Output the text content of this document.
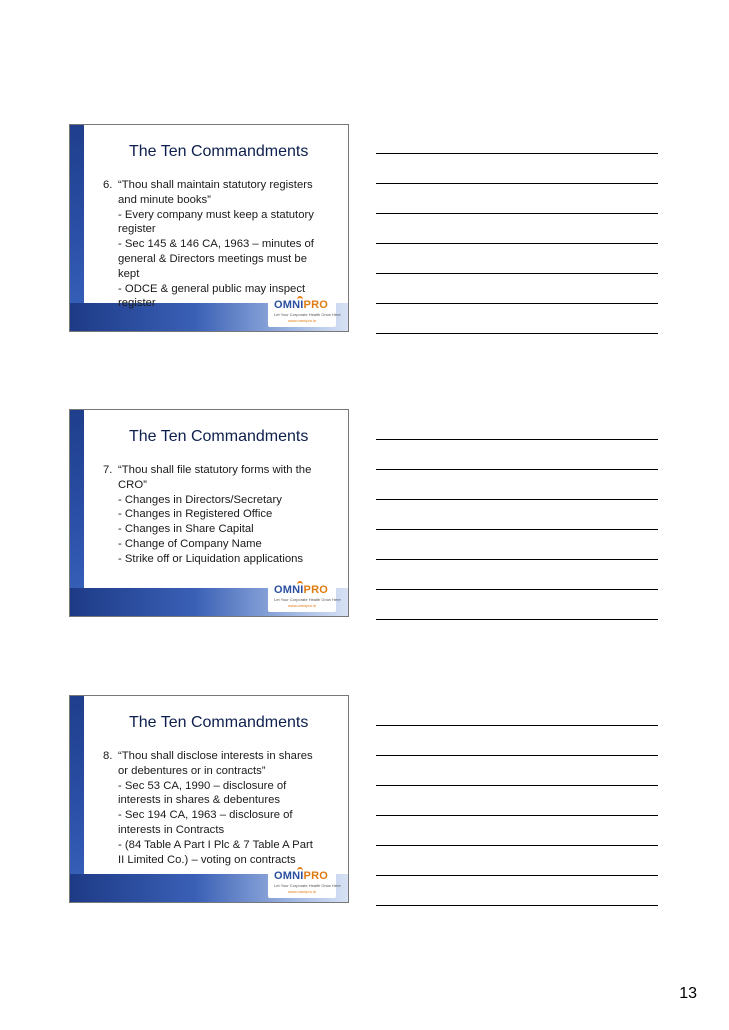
The Ten Commandments
6. “Thou shall maintain statutory registers
and minute books”
- Every company must keep a statutory
register
- Sec 145 & 146 CA, 1963 – minutes of
general & Directors meetings must be
kept
- ODCE & general public may inspect
register	OMNIPRO
Let Your Corporate Health Grow Here
www.omnipro.ie
The Ten Commandments
7. “Thou shall file statutory forms with the
CRO”
- Changes in Directors/Secretary
- Changes in Registered Office
- Changes in Share Capital
- Change of Company Name
- Strike off or Liquidation applications
OMNIPRO
Let Your Corporate Health Grow Here
www.omnipro.ie
The Ten Commandments
8. “Thou shall disclose interests in shares
or debentures or in contracts”
- Sec 53 CA, 1990 – disclosure of
interests in shares & debentures
- Sec 194 CA, 1963 – disclosure of
interests in Contracts
- (84 Table A Part I Plc & 7 Table A Part
II Limited Co.) – voting on contracts
OMNIPRO
Let Your Corporate Health Grow Here
www.omnipro.ie
13
